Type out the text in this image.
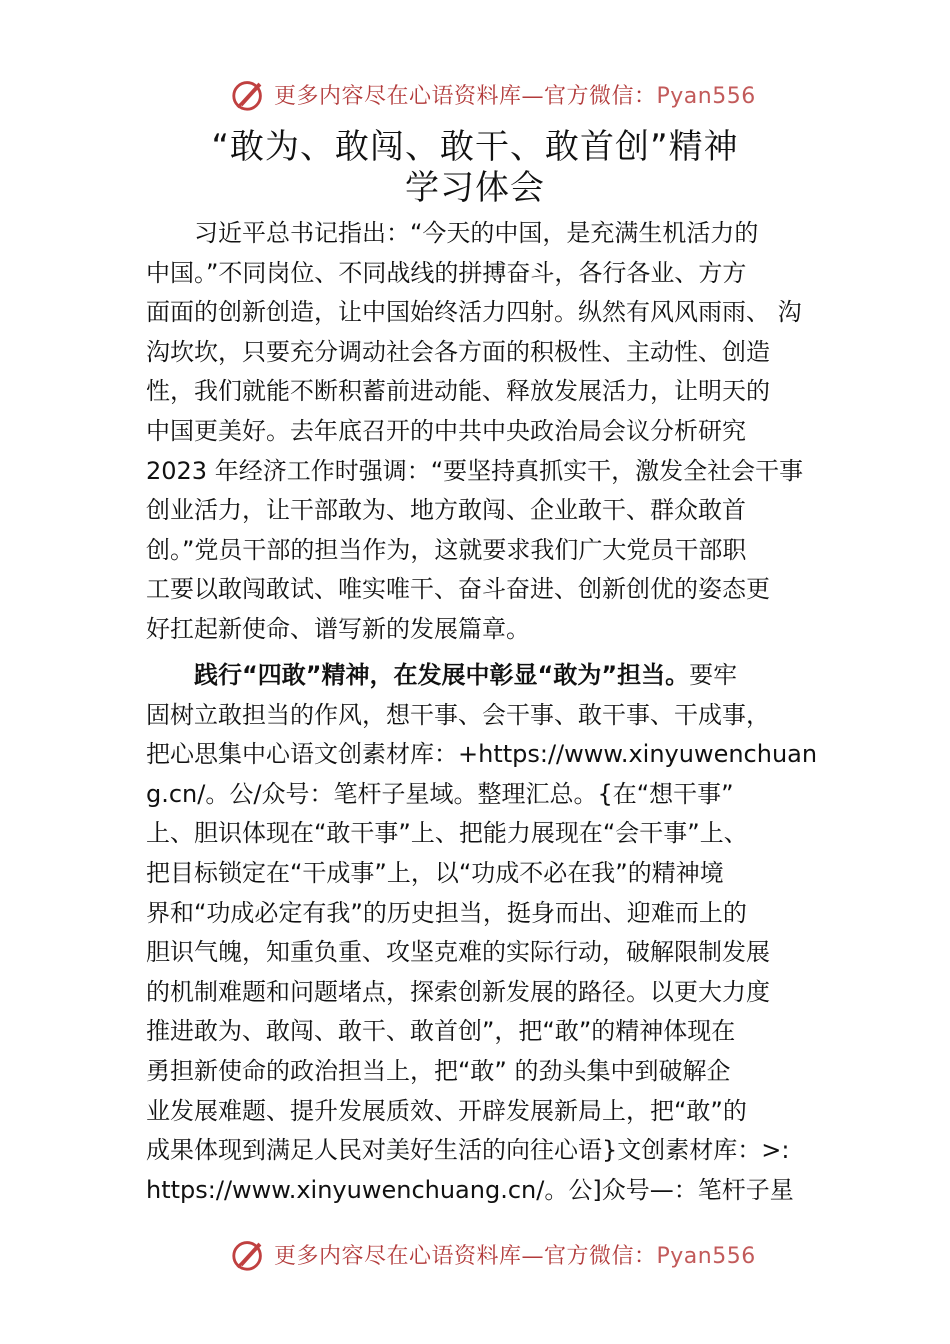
更多内容尽在心语资料库—官方微信：Pyan556
“敢为、敢闯、敢干、敢首创”精神
学习体会
　　习近平总书记指出：“今天的中国，是充满生机活力的
中国。”不同岗位、不同战线的拼搏奋斗，各行各业、方方
面面的创新创造，让中国始终活力四射。纵然有风风雨雨、 沟
沟坎坎，只要充分调动社会各方面的积极性、主动性、创造
性，我们就能不断积蓄前进动能、释放发展活力，让明天的
中国更美好。去年底召开的中共中央政治局会议分析研究
2023 年经济工作时强调：“要坚持真抓实干，激发全社会干事
创业活力，让干部敢为、地方敢闯、企业敢干、群众敢首
创。”党员干部的担当作为，这就要求我们广大党员干部职
工要以敢闯敢试、唯实唯干、奋斗奋进、创新创优的姿态更
好扛起新使命、谱写新的发展篇章。
　　践行“四敢”精神，在发展中彰显“敢为”担当。要牢
固树立敢担当的作风，想干事、会干事、敢干事、干成事，
把心思集中心语文创素材库：+https://www.xinyuwenchuan
g.cn/。公/众号：笔杆子星域。整理汇总。{在“想干事”
上、胆识体现在“敢干事”上、把能力展现在“会干事”上、
把目标锁定在“干成事”上，以“功成不必在我”的精神境
界和“功成必定有我”的历史担当，挺身而出、迎难而上的
胆识气魄，知重负重、攻坚克难的实际行动，破解限制发展
的机制难题和问题堵点，探索创新发展的路径。以更大力度
推进敢为、敢闯、敢干、敢首创”，把“敢”的精神体现在
勇担新使命的政治担当上，把“敢” 的劲头集中到破解企
业发展难题、提升发展质效、开辟发展新局上，把“敢”的
成果体现到满足人民对美好生活的向往心语}文创素材库：>:
https://www.xinyuwenchuang.cn/。公]众号—：笔杆子星
更多内容尽在心语资料库—官方微信：Pyan556
